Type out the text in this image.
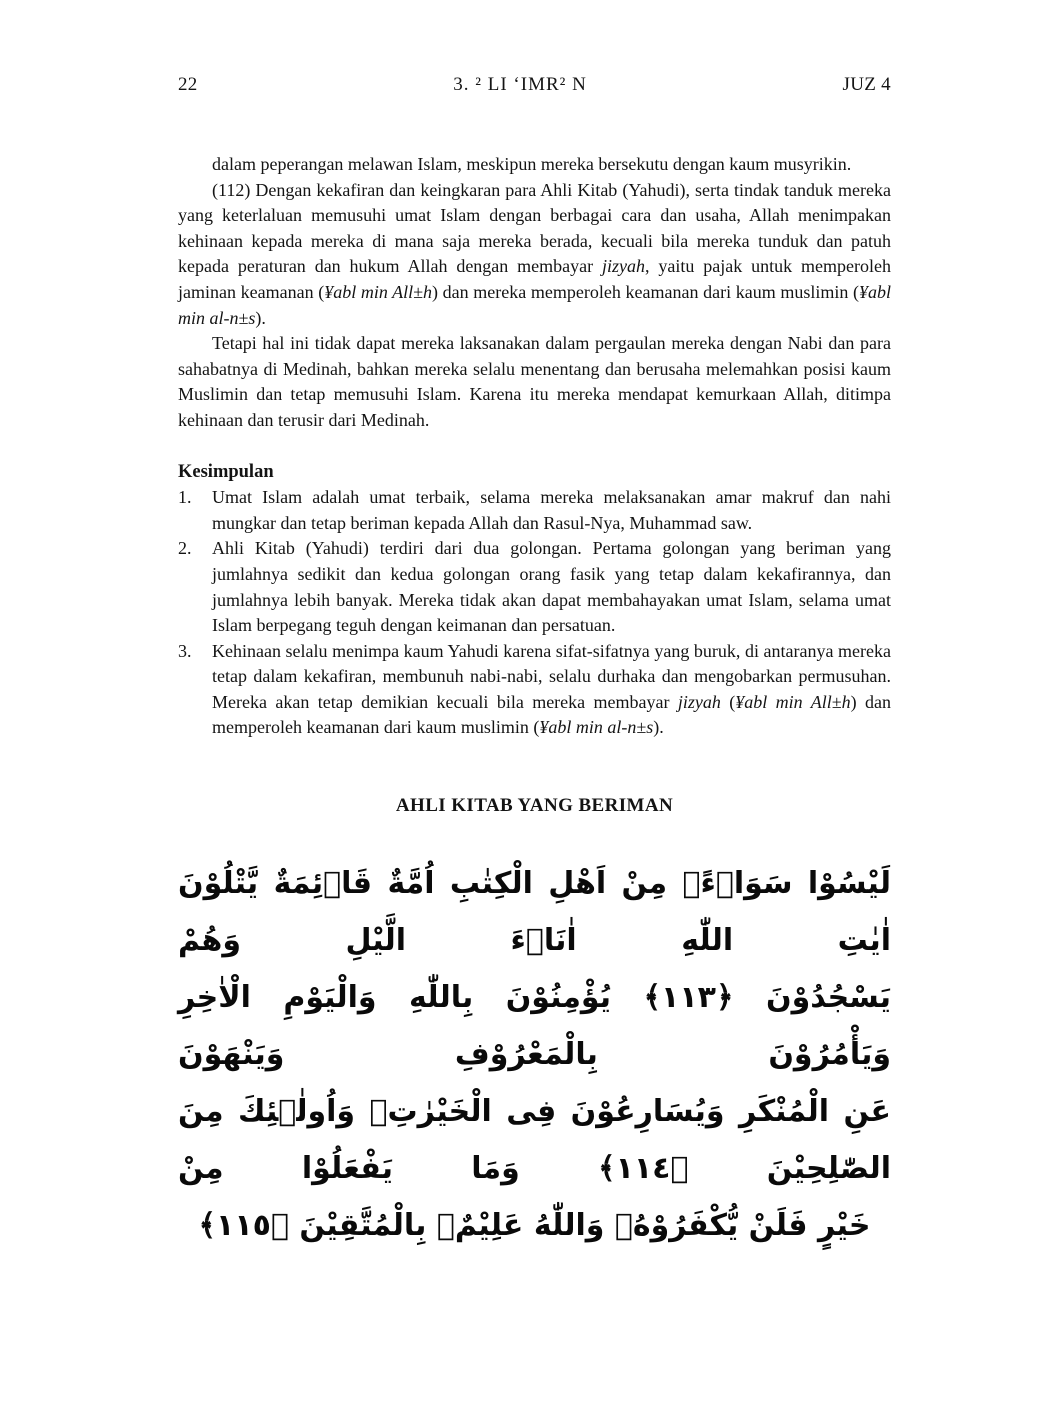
22	3. ² LI ‘IMR² N	JUZ 4

dalam peperangan melawan Islam, meskipun mereka bersekutu dengan kaum musyrikin.

(112) Dengan kekafiran dan keingkaran para Ahli Kitab (Yahudi), serta tindak tanduk mereka yang keterlaluan memusuhi umat Islam dengan berbagai cara dan usaha, Allah menimpakan kehinaan kepada mereka di mana saja mereka berada, kecuali bila mereka tunduk dan patuh kepada peraturan dan hukum Allah dengan membayar jizyah, yaitu pajak untuk memperoleh jaminan keamanan (¥abl min All±h) dan mereka memperoleh keamanan dari kaum muslimin (¥abl min al-n±s).

Tetapi hal ini tidak dapat mereka laksanakan dalam pergaulan mereka dengan Nabi dan para sahabatnya di Medinah, bahkan mereka selalu menentang dan berusaha melemahkan posisi kaum Muslimin dan tetap memusuhi Islam. Karena itu mereka mendapat kemurkaan Allah, ditimpa kehinaan dan terusir dari Medinah.

Kesimpulan
1.	Umat Islam adalah umat terbaik, selama mereka melaksanakan amar makruf dan nahi mungkar dan tetap beriman kepada Allah dan Rasul-Nya, Muhammad saw.
2.	Ahli Kitab (Yahudi) terdiri dari dua golongan. Pertama golongan yang beriman yang jumlahnya sedikit dan kedua golongan orang fasik yang tetap dalam kekafirannya, dan jumlahnya lebih banyak. Mereka tidak akan dapat membahayakan umat Islam, selama umat Islam berpegang teguh dengan keimanan dan persatuan.
3.	Kehinaan selalu menimpa kaum Yahudi karena sifat-sifatnya yang buruk, di antaranya mereka tetap dalam kekafiran, membunuh nabi-nabi, selalu durhaka dan mengobarkan permusuhan. Mereka akan tetap demikian kecuali bila mereka membayar jizyah (¥abl min All±h) dan memperoleh keamanan dari kaum muslimin (¥abl min al-n±s).
AHLI KITAB YANG BERIMAN
لَيْسُوْا سَوَاۤءًۗ مِنْ اَهْلِ الْكِتٰبِ اُمَّةٌ قَاۤئِمَةٌ يَّتْلُوْنَ اٰيٰتِ اللّٰهِ اٰنَاۤءَ الَّيْلِ وَهُمْ
يَسْجُدُوْنَ ﴿١١٣﴾ يُؤْمِنُوْنَ بِاللّٰهِ وَالْيَوْمِ الْاٰخِرِ وَيَأْمُرُوْنَ بِالْمَعْرُوْفِ وَيَنْهَوْنَ
عَنِ الْمُنْكَرِ وَيُسَارِعُوْنَ فِى الْخَيْرٰتِۗ وَاُولٰۤئِكَ مِنَ الصّٰلِحِيْنَ ﴿١١٤﴾ وَمَا يَفْعَلُوْا مِنْ
خَيْرٍ فَلَنْ يُّكْفَرُوْهُۗ وَاللّٰهُ عَلِيْمٌۢ بِالْمُتَّقِيْنَ ﴿١١٥﴾
